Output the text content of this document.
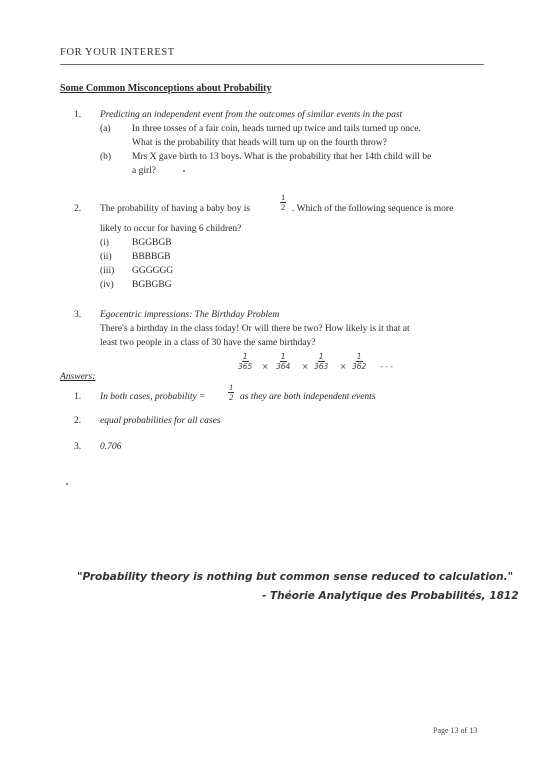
FOR YOUR INTEREST
Some Common Misconceptions about Probability
1. Predicting an independent event from the outcomes of similar events in the past
(a) In three tosses of a fair coin, heads turned up twice and tails turned up once.
What is the probability that heads will turn up on the fourth throw?
(b) Mrs X gave birth to 13 boys. What is the probability that her 14th child will be
a girl?
2. The probability of having a baby boy is	$\frac{1}{2}$ . Which of the following sequence is more
likely to occur for having 6 children?
(i) BGGBGB
(ii) BBBBGB
(iii) GGGGGG
(iv) BGBGBG
3. Egocentric impressions: The Birthday Problem
There's a birthday in the class today! Or will there be two? How likely is it that at
least two people in a class of 30 have the same birthday?
$\frac{1}{365} \times \frac{1}{364} \times \frac{1}{363} \times \frac{1}{362}$ - - -
Answers:
1. In both cases, probability =	$\frac{1}{2}$ as they are both independent events
2. equal probabilities for all cases
3. 0.706
"Probability theory is nothing but common sense reduced to calculation."
- Théorie Analytique des Probabilités, 1812
Page 13 of 13
